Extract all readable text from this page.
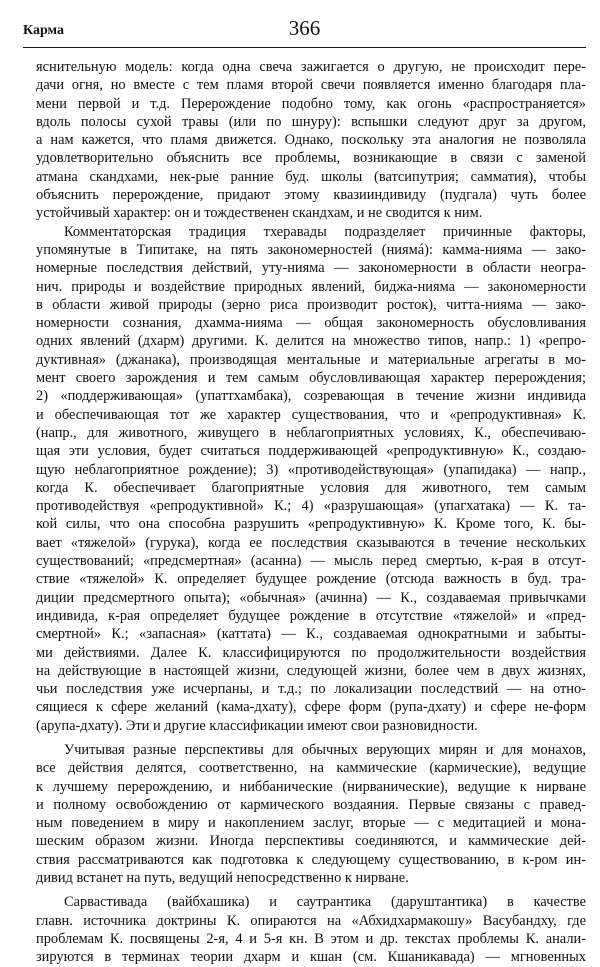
Карма	366
яснительную модель: когда одна свеча зажигается о другую, не происходит пере-
дачи огня, но вместе с тем пламя второй свечи появляется именно благодаря пла-
мени первой и т.д. Перерождение подобно тому, как огонь «распространяется»
вдоль полосы сухой травы (или по шнуру): вспышки следуют друг за другом,
а нам кажется, что пламя движется. Однако, поскольку эта аналогия не позволяла
удовлетворительно объяснить все проблемы, возникающие в связи с заменой
атмана скандхами, нек-рые ранние буд. школы (ватсипутрия; самматия), чтобы
объяснить перерождение, придают этому квазииндивиду (пудгала) чуть более
устойчивый характер: он и тождественен скандхам, и не сводится к ним.
Комментаторская традиция тхеравады подразделяет причинные факторы,
упомянутые в Типитаке, на пять закономерностей (ниямá): камма-нияма — зако-
номерные последствия действий, уту-нияма — закономерности в области неогра-
нич. природы и воздействие природных явлений, биджа-нияма — закономерности
в области живой природы (зерно риса производит росток), читта-нияма — зако-
номерности сознания, дхамма-нияма — общая закономерность обусловливания
одних явлений (дхарм) другими. К. делится на множество типов, напр.: 1) «репро-
дуктивная» (джанака), производящая ментальные и материальные агрегаты в мо-
мент своего зарождения и тем самым обусловливающая характер перерождения;
2) «поддерживающая» (упаттхамбака), созревающая в течение жизни индивида
и обеспечивающая тот же характер существования, что и «репродуктивная» К.
(напр., для животного, живущего в неблагоприятных условиях, К., обеспечиваю-
щая эти условия, будет считаться поддерживающей «репродуктивную» К., создаю-
щую неблагоприятное рождение); 3) «противодействующая» (упапидака) — напр.,
когда К. обеспечивает благоприятные условия для животного, тем самым
противодействуя «репродуктивной» К.; 4) «разрушающая» (упагхатака) — К. та-
кой силы, что она способна разрушить «репродуктивную» К. Кроме того, К. бы-
вает «тяжелой» (гурука), когда ее последствия сказываются в течение нескольких
существований; «предсмертная» (асанна) — мысль перед смертью, к-рая в отсут-
ствие «тяжелой» К. определяет будущее рождение (отсюда важность в буд. тра-
диции предсмертного опыта); «обычная» (ачинна) — К., создаваемая привычками
индивида, к-рая определяет будущее рождение в отсутствие «тяжелой» и «пред-
смертной» К.; «запасная» (каттата) — К., создаваемая однократными и забыты-
ми действиями. Далее К. классифицируются по продолжительности воздействия
на действующие в настоящей жизни, следующей жизни, более чем в двух жизнях,
чьи последствия уже исчерпаны, и т.д.; по локализации последствий — на отно-
сящиеся к сфере желаний (кама-дхату), сфере форм (рупа-дхату) и сфере не-форм
(арупа-дхату). Эти и другие классификации имеют свои разновидности.
Учитывая разные перспективы для обычных верующих мирян и для монахов,
все действия делятся, соответственно, на каммические (кармические), ведущие
к лучшему перерождению, и ниббанические (нирванические), ведущие к нирване
и полному освобождению от кармического воздаяния. Первые связаны с правед-
ным поведением в миру и накоплением заслуг, вторые — с медитацией и мона-
шеским образом жизни. Иногда перспективы соединяются, и каммические дей-
ствия рассматриваются как подготовка к следующему существованию, в к-ром ин-
дивид встанет на путь, ведущий непосредственно к нирване.
Сарвастивада (вайбхашика) и саутрантика (даруштантика) в качестве
главн. источника доктрины К. опираются на «Абхидхармакошу» Васубандху, где
проблемам К. посвящены 2-я, 4 и 5-я кн. В этом и др. текстах проблемы К. анали-
зируются в терминах теории дхарм и кшан (см. Кшаникавада) — мгновенных
